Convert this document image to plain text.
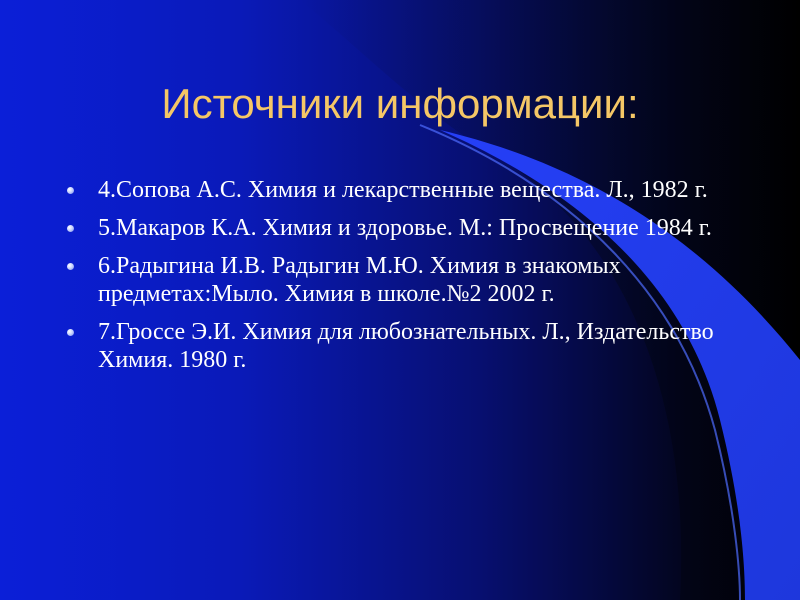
Источники информации:
4.Сопова А.С. Химия и лекарственные вещества. Л., 1982 г.
5.Макаров К.А. Химия и здоровье. М.: Просвещение 1984 г.
6.Радыгина И.В. Радыгин М.Ю. Химия в знакомых предметах:Мыло. Химия в школе.№2 2002 г.
7.Гроссе Э.И. Химия для любознательных. Л., Издательство Химия. 1980 г.
